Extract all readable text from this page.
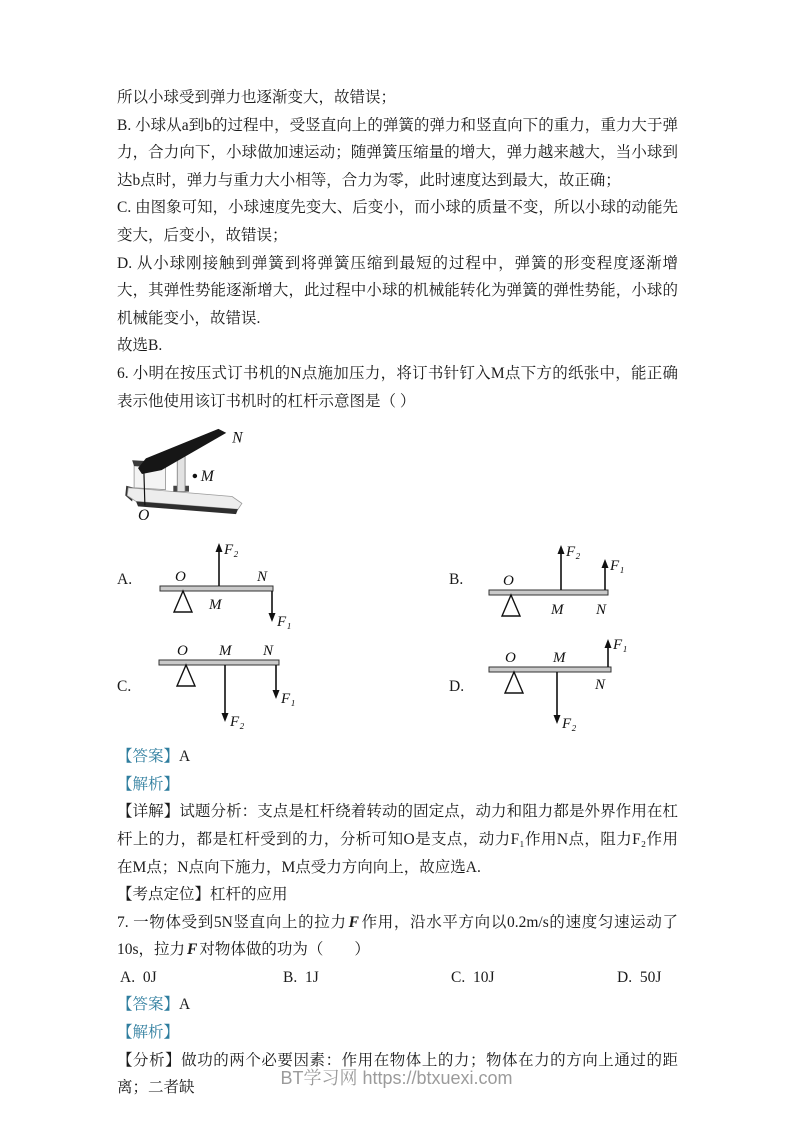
所以小球受到弹力也逐渐变大，故错误；

B. 小球从a到b的过程中，受竖直向上的弹簧的弹力和竖直向下的重力，重力大于弹力，合力向下，小球做加速运动；随弹簧压缩量的增大，弹力越来越大，当小球到达b点时，弹力与重力大小相等，合力为零，此时速度达到最大，故正确；

C. 由图象可知，小球速度先变大、后变小，而小球的质量不变，所以小球的动能先变大，后变小，故错误；

D. 从小球刚接触到弹簧到将弹簧压缩到最短的过程中，弹簧的形变程度逐渐增大，其弹性势能逐渐增大，此过程中小球的机械能转化为弹簧的弹性势能，小球的机械能变小，故错误.

故选B.

6. 小明在按压式订书机的N点施加压力，将订书针钉入M点下方的纸张中，能正确表示他使用该订书机时的杠杆示意图是（ ）

N
M
O
A.	O	N
M
F₂
F₁
B.	O
M N
F₂
F₁
C.
O M N
F₁
F₂
D.
O M
N
F₁
F₂

【答案】A

【解析】

【详解】试题分析：支点是杠杆绕着转动的固定点，动力和阻力都是外界作用在杠杆上的力，都是杠杆受到的力，分析可知O是支点，动力F₁作用N点，阻力F₂作用在M点；N点向下施力，M点受力方向向上，故应选A.

【考点定位】杠杆的应用

7. 一物体受到5N竖直向上的拉力 F 作用，沿水平方向以0.2m/s的速度匀速运动了10s，拉力 F 对物体做的功为（　　）

A. 0J	B. 1J	C. 10J	D. 50J

【答案】A

【解析】

【分析】做功的两个必要因素：作用在物体上的力；物体在力的方向上通过的距离；二者缺	BT学习网 https://btxuexi.com
